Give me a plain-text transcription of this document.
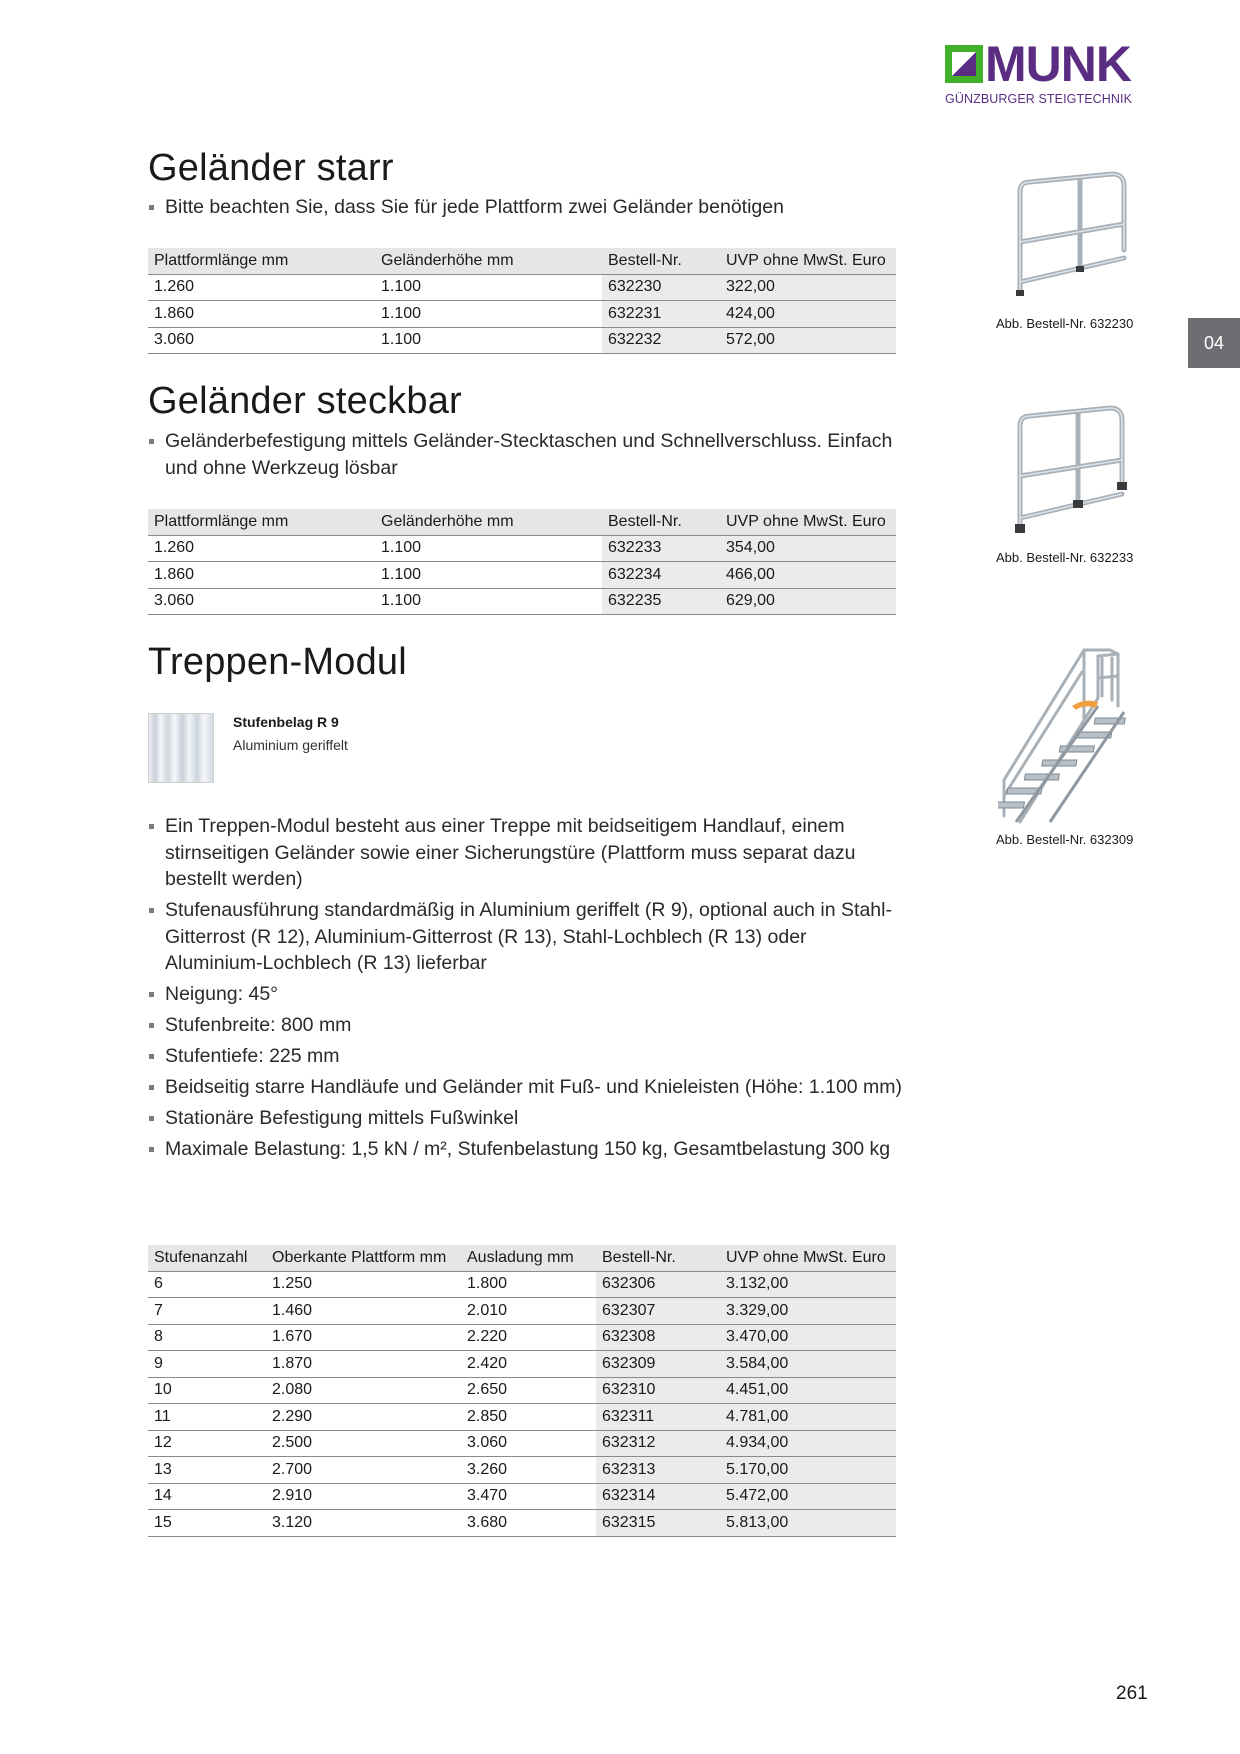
MUNK
GÜNZBURGER STEIGTECHNIK
04
Geländer starr
Bitte beachten Sie, dass Sie für jede Plattform zwei Geländer benötigen
Plattformlänge mm	Geländerhöhe mm	Bestell-Nr.	UVP ohne MwSt. Euro
1.260	1.100	632230	322,00
1.860	1.100	632231	424,00
3.060	1.100	632232	572,00
Abb. Bestell-Nr. 632230
Geländer steckbar
Geländerbefestigung mittels Geländer-Stecktaschen und Schnellverschluss. Einfach und ohne Werkzeug lösbar
Plattformlänge mm	Geländerhöhe mm	Bestell-Nr.	UVP ohne MwSt. Euro
1.260	1.100	632233	354,00
1.860	1.100	632234	466,00
3.060	1.100	632235	629,00
Abb. Bestell-Nr. 632233
Treppen-Modul
Stufenbelag R 9
Aluminium geriffelt
Ein Treppen-Modul besteht aus einer Treppe mit beidseitigem Handlauf, einem stirnseitigen Geländer sowie einer Sicherungstüre (Plattform muss separat dazu bestellt werden)
Stufenausführung standardmäßig in Aluminium geriffelt (R 9), optional auch in Stahl-Gitterrost (R 12), Aluminium-Gitterrost (R 13), Stahl-Lochblech (R 13) oder Aluminium-Lochblech (R 13) lieferbar
Neigung: 45°
Stufenbreite: 800 mm
Stufentiefe: 225 mm
Beidseitig starre Handläufe und Geländer mit Fuß- und Knieleisten (Höhe: 1.100 mm)
Stationäre Befestigung mittels Fußwinkel
Maximale Belastung: 1,5 kN / m², Stufenbelastung 150 kg, Gesamtbelastung 300 kg
Stufenanzahl	Oberkante Plattform mm	Ausladung mm	Bestell-Nr.	UVP ohne MwSt. Euro
6	1.250	1.800	632306	3.132,00
7	1.460	2.010	632307	3.329,00
8	1.670	2.220	632308	3.470,00
9	1.870	2.420	632309	3.584,00
10	2.080	2.650	632310	4.451,00
11	2.290	2.850	632311	4.781,00
12	2.500	3.060	632312	4.934,00
13	2.700	3.260	632313	5.170,00
14	2.910	3.470	632314	5.472,00
15	3.120	3.680	632315	5.813,00
Abb. Bestell-Nr. 632309
261
